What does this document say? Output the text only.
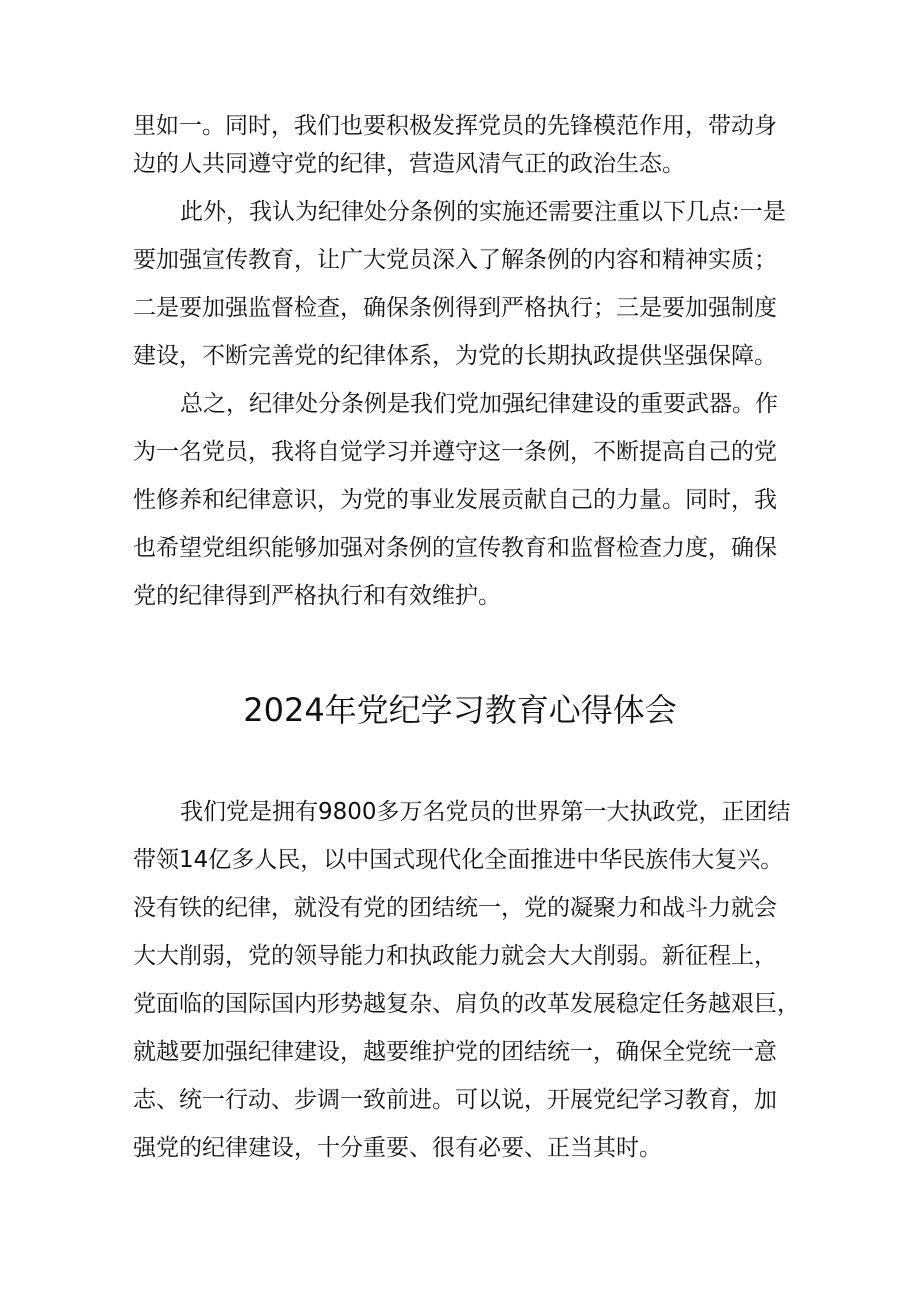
里如一。同时，我们也要积极发挥党员的先锋模范作用，带动身
边的人共同遵守党的纪律，营造风清气正的政治生态。
此外，我认为纪律处分条例的实施还需要注重以下几点:一是
要加强宣传教育，让广大党员深入了解条例的内容和精神实质；
二是要加强监督检查，确保条例得到严格执行；三是要加强制度
建设，不断完善党的纪律体系，为党的长期执政提供坚强保障。
总之，纪律处分条例是我们党加强纪律建设的重要武器。作
为一名党员，我将自觉学习并遵守这一条例，不断提高自己的党
性修养和纪律意识，为党的事业发展贡献自己的力量。同时，我
也希望党组织能够加强对条例的宣传教育和监督检查力度，确保
党的纪律得到严格执行和有效维护。
2024年党纪学习教育心得体会
我们党是拥有9800多万名党员的世界第一大执政党，正团结
带领14亿多人民，以中国式现代化全面推进中华民族伟大复兴。
没有铁的纪律，就没有党的团结统一，党的凝聚力和战斗力就会
大大削弱，党的领导能力和执政能力就会大大削弱。新征程上，
党面临的国际国内形势越复杂、肩负的改革发展稳定任务越艰巨，
就越要加强纪律建设，越要维护党的团结统一，确保全党统一意
志、统一行动、步调一致前进。可以说，开展党纪学习教育，加
强党的纪律建设，十分重要、很有必要、正当其时。
